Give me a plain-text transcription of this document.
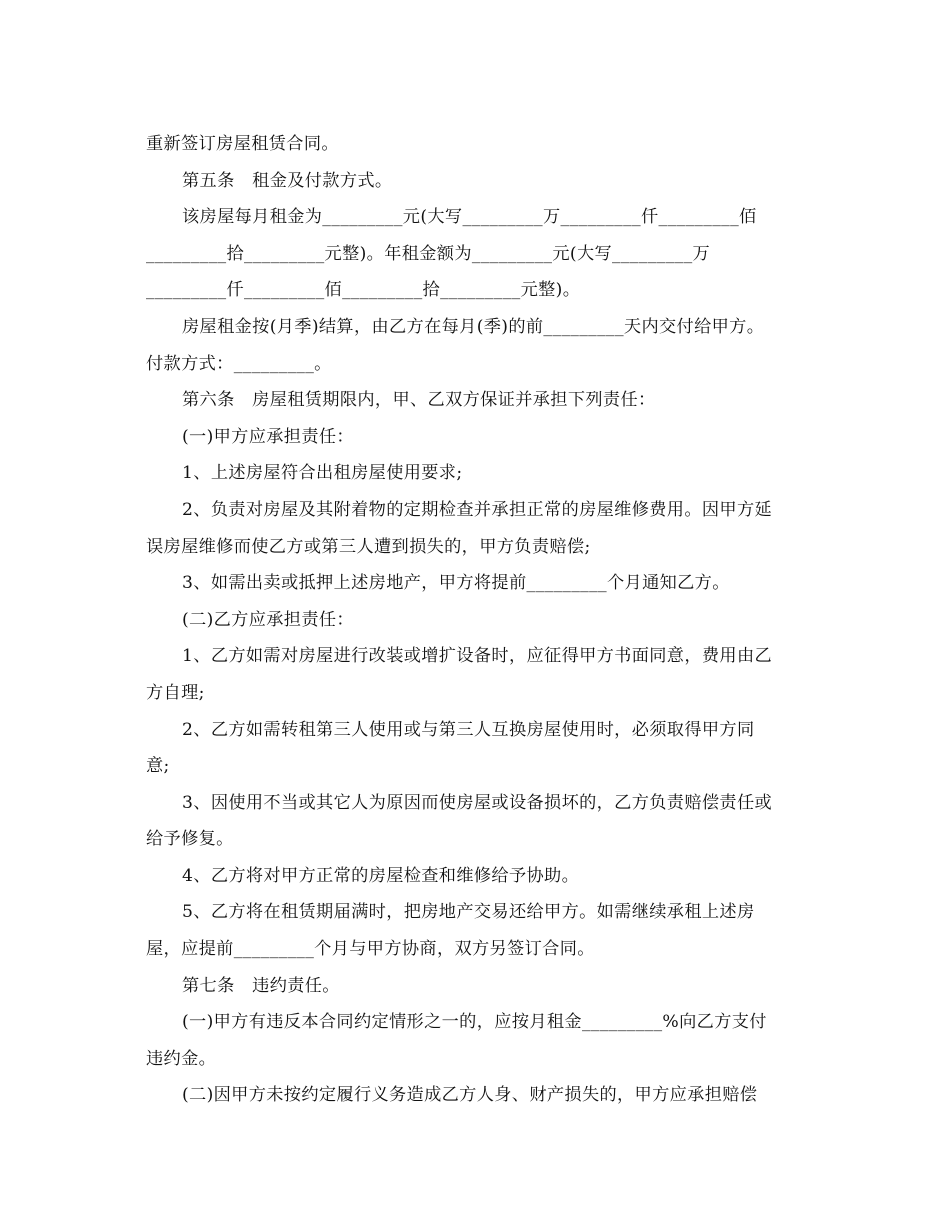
重新签订房屋租赁合同。
第五条　租金及付款方式。
该房屋每月租金为_________元(大写_________万_________仟_________佰
_________拾_________元整)。年租金额为_________元(大写_________万
_________仟_________佰_________拾_________元整)。
房屋租金按(月季)结算，由乙方在每月(季)的前_________天内交付给甲方。
付款方式：_________。
第六条　房屋租赁期限内，甲、乙双方保证并承担下列责任：
(一)甲方应承担责任：
1、上述房屋符合出租房屋使用要求;
2、负责对房屋及其附着物的定期检查并承担正常的房屋维修费用。因甲方延
误房屋维修而使乙方或第三人遭到损失的，甲方负责赔偿;
3、如需出卖或抵押上述房地产，甲方将提前_________个月通知乙方。
(二)乙方应承担责任：
1、乙方如需对房屋进行改装或增扩设备时，应征得甲方书面同意，费用由乙
方自理;
2、乙方如需转租第三人使用或与第三人互换房屋使用时，必须取得甲方同
意;
3、因使用不当或其它人为原因而使房屋或设备损坏的，乙方负责赔偿责任或
给予修复。
4、乙方将对甲方正常的房屋检查和维修给予协助。
5、乙方将在租赁期届满时，把房地产交易还给甲方。如需继续承租上述房
屋，应提前_________个月与甲方协商，双方另签订合同。
第七条　违约责任。
(一)甲方有违反本合同约定情形之一的，应按月租金_________%向乙方支付
违约金。
(二)因甲方未按约定履行义务造成乙方人身、财产损失的，甲方应承担赔偿
